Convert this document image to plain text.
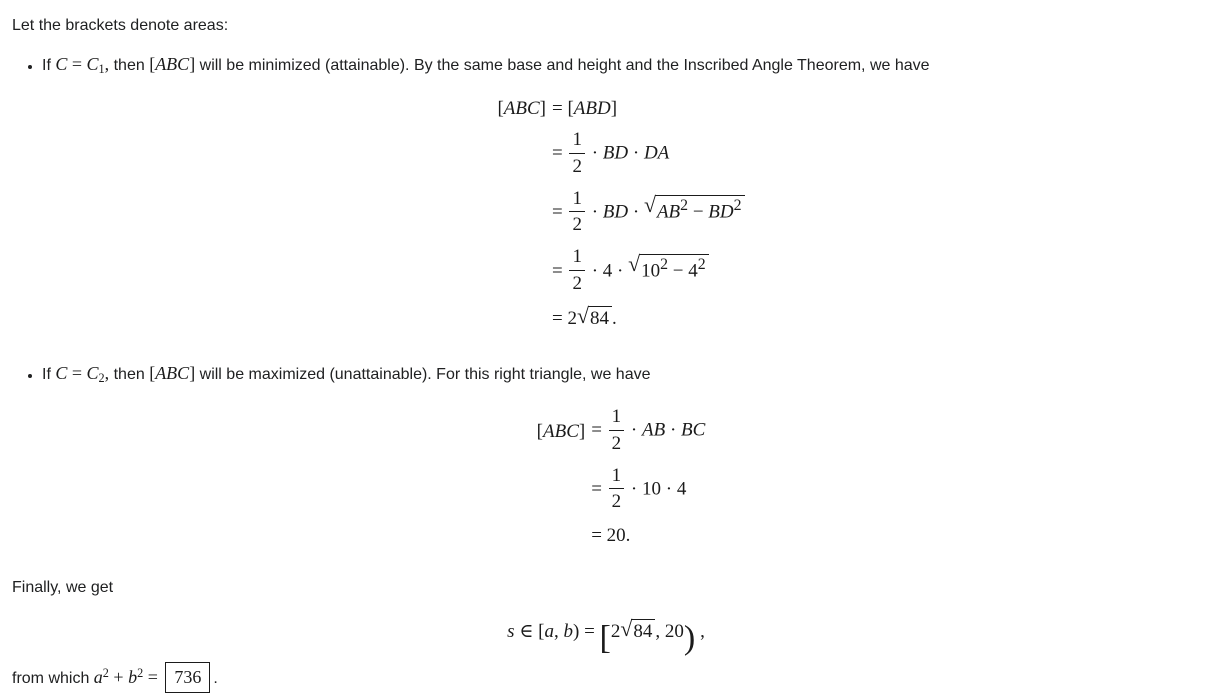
Let the brackets denote areas:

• If $C = C_1$, then [ABC] will be minimized (attainable). By the same base and height and the Inscribed Angle Theorem, we have
[ABC]	= [ABD]
	= $\frac{1}{2}$ · BD · DA
	= $\frac{1}{2}$ · BD · $√AB^2 - BD^2$
	= $\frac{1}{2} \cdot 4 \cdot √10^2 - 4^2$
	= 2√84 .
• If $C = C_2$, then [ABC] will be maximized (unattainable). For this right triangle, we have
[ABC]	= $\frac{1}{2}$ · AB · BC
	= $\frac{1}{2} \cdot 10 \cdot 4$
	= 20.

Finally, we get

s ∈ [a, b) = [2√84 , 20) ,

from which $a^2 + b^2 = 736$ .
